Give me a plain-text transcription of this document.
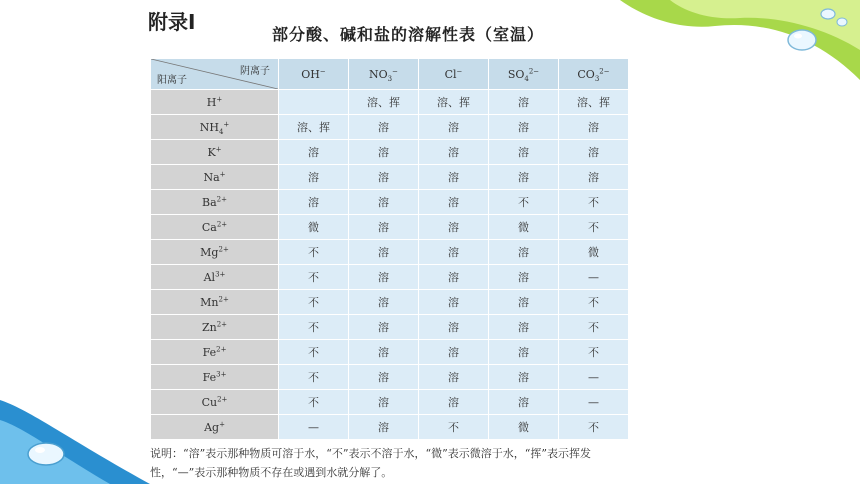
附录Ⅰ
部分酸、碱和盐的溶解性表（室温）
阴离子
阳离子	OH−	$NO_3^-$	Cl−	$SO_4^{2-}$	$CO_3^{2-}$
H+		溶、挥	溶、挥	溶	溶、挥
$NH_4^+$	溶、挥	溶	溶	溶	溶
K+	溶	溶	溶	溶	溶
Na+	溶	溶	溶	溶	溶
$Ba^{2+}$	溶	溶	溶	不	不
$Ca^{2+}$	微	溶	溶	微	不
$Mg^{2+}$	不	溶	溶	溶	微
$Al^{3+}$	不	溶	溶	溶	—
$Mn^{2+}$	不	溶	溶	溶	不
$Zn^{2+}$	不	溶	溶	溶	不
$Fe^{2+}$	不	溶	溶	溶	不
$Fe^{3+}$	不	溶	溶	溶	—
$Cu^{2+}$	不	溶	溶	溶	—
Ag+	—	溶	不	微	不
说明：“溶”表示那种物质可溶于水，“不”表示不溶于水，“微”表示微溶于水，“挥”表示挥发性，“—”表示那种物质不存在或遇到水就分解了。
